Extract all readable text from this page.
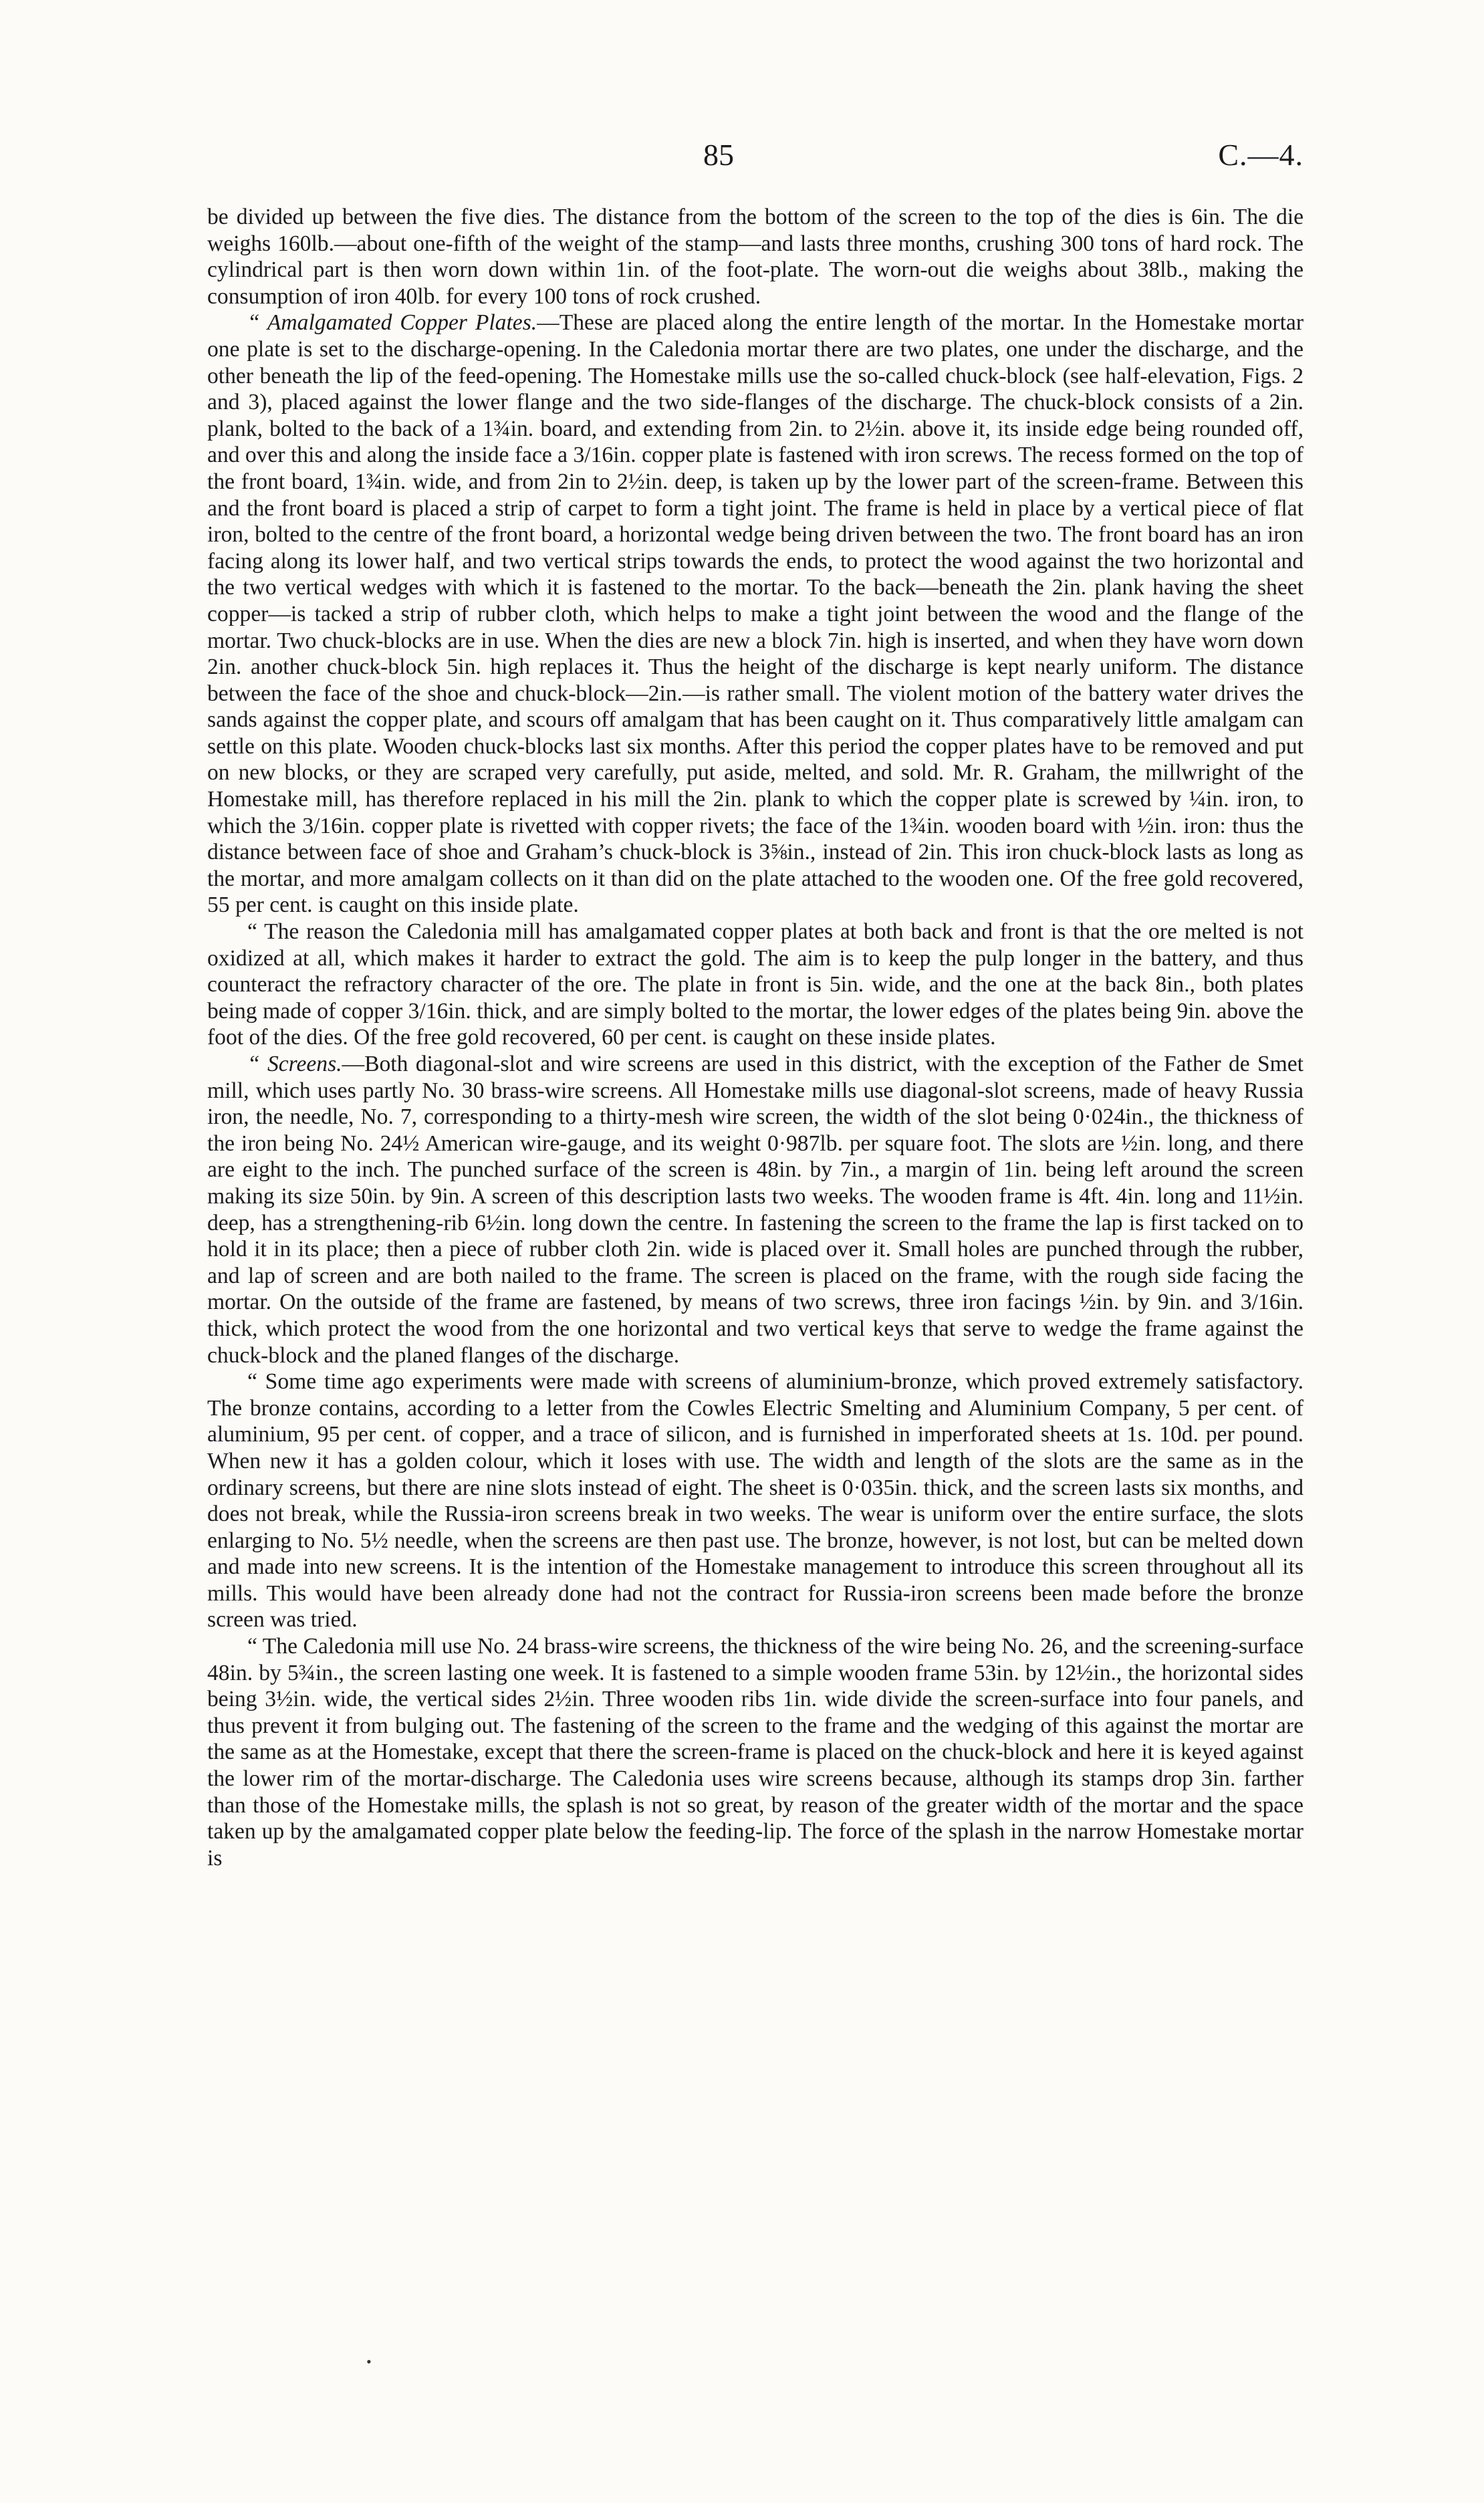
85	C.—4.

be divided up between the five dies. The distance from the bottom of the screen to the top of the dies is 6in. The die weighs 160lb.—about one-fifth of the weight of the stamp—and lasts three months, crushing 300 tons of hard rock. The cylindrical part is then worn down within 1in. of the foot-plate. The worn-out die weighs about 38lb., making the consumption of iron 40lb. for every 100 tons of rock crushed.

“ Amalgamated Copper Plates.—These are placed along the entire length of the mortar. In the Homestake mortar one plate is set to the discharge-opening. In the Caledonia mortar there are two plates, one under the discharge, and the other beneath the lip of the feed-opening. The Homestake mills use the so-called chuck-block (see half-elevation, Figs. 2 and 3), placed against the lower flange and the two side-flanges of the discharge. The chuck-block consists of a 2in. plank, bolted to the back of a 1¾in. board, and extending from 2in. to 2½in. above it, its inside edge being rounded off, and over this and along the inside face a 3/16in. copper plate is fastened with iron screws. The recess formed on the top of the front board, 1¾in. wide, and from 2in to 2½in. deep, is taken up by the lower part of the screen-frame. Between this and the front board is placed a strip of carpet to form a tight joint. The frame is held in place by a vertical piece of flat iron, bolted to the centre of the front board, a horizontal wedge being driven between the two. The front board has an iron facing along its lower half, and two vertical strips towards the ends, to protect the wood against the two horizontal and the two vertical wedges with which it is fastened to the mortar. To the back—beneath the 2in. plank having the sheet copper—is tacked a strip of rubber cloth, which helps to make a tight joint between the wood and the flange of the mortar. Two chuck-blocks are in use. When the dies are new a block 7in. high is inserted, and when they have worn down 2in. another chuck-block 5in. high replaces it. Thus the height of the discharge is kept nearly uniform. The distance between the face of the shoe and chuck-block—2in.—is rather small. The violent motion of the battery water drives the sands against the copper plate, and scours off amalgam that has been caught on it. Thus comparatively little amalgam can settle on this plate. Wooden chuck-blocks last six months. After this period the copper plates have to be removed and put on new blocks, or they are scraped very carefully, put aside, melted, and sold. Mr. R. Graham, the millwright of the Homestake mill, has therefore replaced in his mill the 2in. plank to which the copper plate is screwed by ¼in. iron, to which the 3/16in. copper plate is rivetted with copper rivets; the face of the 1¾in. wooden board with ½in. iron: thus the distance between face of shoe and Graham’s chuck-block is 3⅝in., instead of 2in. This iron chuck-block lasts as long as the mortar, and more amalgam collects on it than did on the plate attached to the wooden one. Of the free gold recovered, 55 per cent. is caught on this inside plate.

“ The reason the Caledonia mill has amalgamated copper plates at both back and front is that the ore melted is not oxidized at all, which makes it harder to extract the gold. The aim is to keep the pulp longer in the battery, and thus counteract the refractory character of the ore. The plate in front is 5in. wide, and the one at the back 8in., both plates being made of copper 3/16in. thick, and are simply bolted to the mortar, the lower edges of the plates being 9in. above the foot of the dies. Of the free gold recovered, 60 per cent. is caught on these inside plates.

“ Screens.—Both diagonal-slot and wire screens are used in this district, with the exception of the Father de Smet mill, which uses partly No. 30 brass-wire screens. All Homestake mills use diagonal-slot screens, made of heavy Russia iron, the needle, No. 7, corresponding to a thirty-mesh wire screen, the width of the slot being 0·024in., the thickness of the iron being No. 24½ American wire-gauge, and its weight 0·987lb. per square foot. The slots are ½in. long, and there are eight to the inch. The punched surface of the screen is 48in. by 7in., a margin of 1in. being left around the screen making its size 50in. by 9in. A screen of this description lasts two weeks. The wooden frame is 4ft. 4in. long and 11½in. deep, has a strengthening-rib 6½in. long down the centre. In fastening the screen to the frame the lap is first tacked on to hold it in its place; then a piece of rubber cloth 2in. wide is placed over it. Small holes are punched through the rubber, and lap of screen and are both nailed to the frame. The screen is placed on the frame, with the rough side facing the mortar. On the outside of the frame are fastened, by means of two screws, three iron facings ½in. by 9in. and 3/16in. thick, which protect the wood from the one horizontal and two vertical keys that serve to wedge the frame against the chuck-block and the planed flanges of the discharge.

“ Some time ago experiments were made with screens of aluminium-bronze, which proved extremely satisfactory. The bronze contains, according to a letter from the Cowles Electric Smelting and Aluminium Company, 5 per cent. of aluminium, 95 per cent. of copper, and a trace of silicon, and is furnished in imperforated sheets at 1s. 10d. per pound. When new it has a golden colour, which it loses with use. The width and length of the slots are the same as in the ordinary screens, but there are nine slots instead of eight. The sheet is 0·035in. thick, and the screen lasts six months, and does not break, while the Russia-iron screens break in two weeks. The wear is uniform over the entire surface, the slots enlarging to No. 5½ needle, when the screens are then past use. The bronze, however, is not lost, but can be melted down and made into new screens. It is the intention of the Homestake management to introduce this screen throughout all its mills. This would have been already done had not the contract for Russia-iron screens been made before the bronze screen was tried.

“ The Caledonia mill use No. 24 brass-wire screens, the thickness of the wire being No. 26, and the screening-surface 48in. by 5¾in., the screen lasting one week. It is fastened to a simple wooden frame 53in. by 12½in., the horizontal sides being 3½in. wide, the vertical sides 2½in. Three wooden ribs 1in. wide divide the screen-surface into four panels, and thus prevent it from bulging out. The fastening of the screen to the frame and the wedging of this against the mortar are the same as at the Homestake, except that there the screen-frame is placed on the chuck-block and here it is keyed against the lower rim of the mortar-discharge. The Caledonia uses wire screens because, although its stamps drop 3in. farther than those of the Homestake mills, the splash is not so great, by reason of the greater width of the mortar and the space taken up by the amalgamated copper plate below the feeding-lip. The force of the splash in the narrow Homestake mortar is

•
